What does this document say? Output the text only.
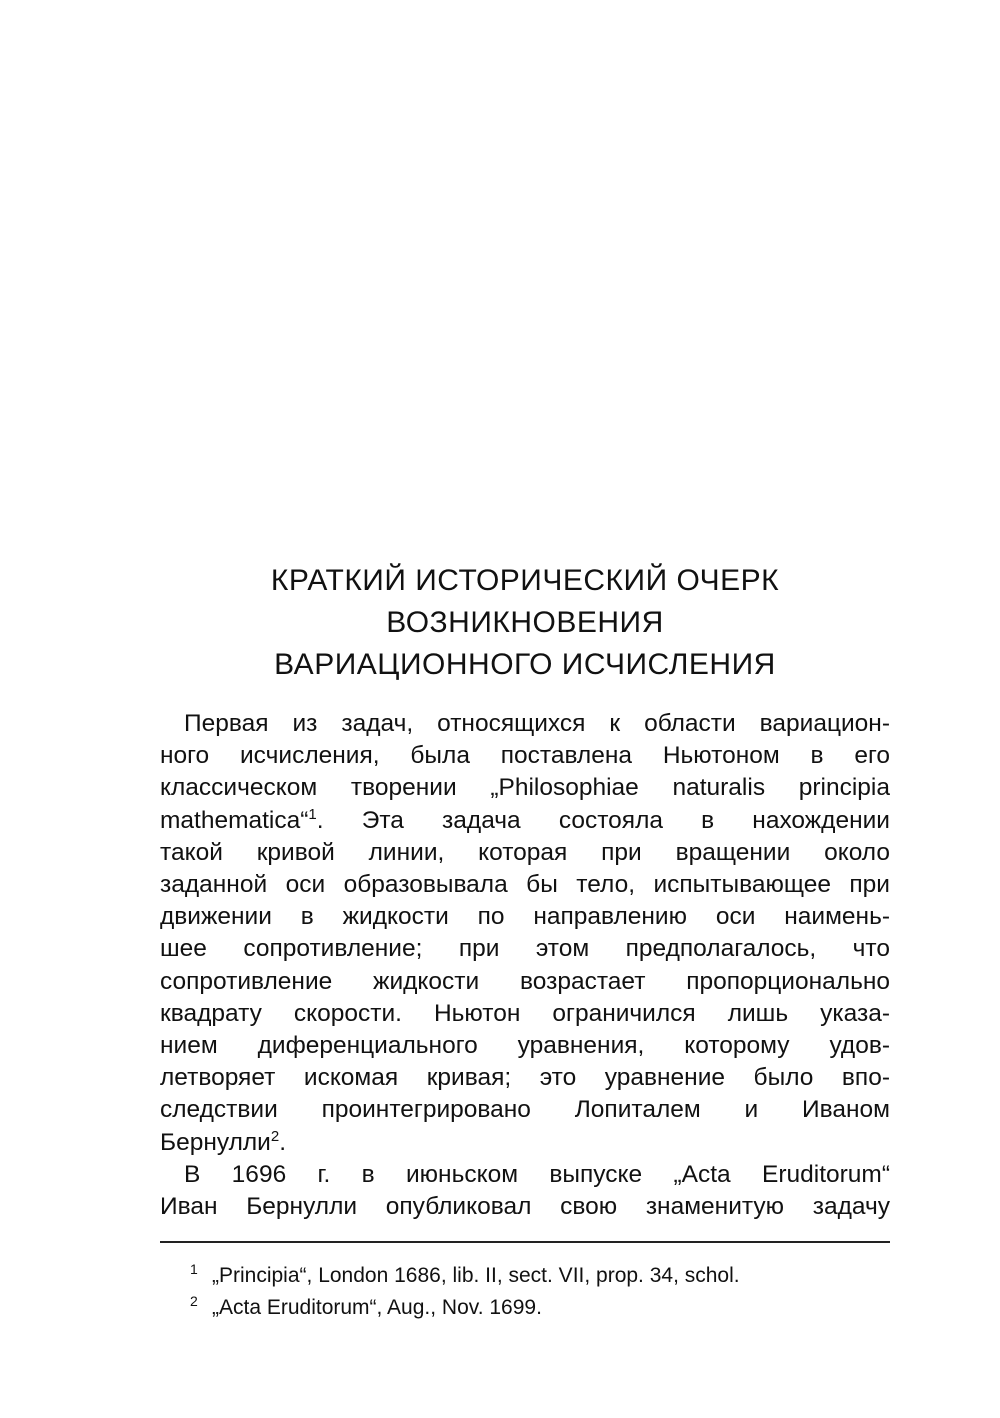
КРАТКИЙ ИСТОРИЧЕСКИЙ ОЧЕРК
ВОЗНИКНОВЕНИЯ
ВАРИАЦИОННОГО ИСЧИСЛЕНИЯ
Первая из задач, относящихся к области вариацион-
ного исчисления, была поставлена Ньютоном в его
классическом творении „Philosophiae naturalis principia
mathematica“$^1$. Эта задача состояла в нахождении
такой кривой линии, которая при вращении около
заданной оси образовывала бы тело, испытывающее при
движении в жидкости по направлению оси наимень-
шее сопротивление; при этом предполагалось, что
сопротивление жидкости возрастает пропорционально
квадрату скорости. Ньютон ограничился лишь указа-
нием диференциального уравнения, которому удов-
летворяет искомая кривая; это уравнение было впо-
следствии проинтегрировано Лопиталем и Иваном
Бернулли$^2$.
В 1696 г. в июньском выпуске „Acta Eruditorum“
Иван Бернулли опубликовал свою знаменитую задачу
1 „Principia“, London 1686, lib. II, sect. VII, prop. 34, schol.
2 „Acta Eruditorum“, Aug., Nov. 1699.
